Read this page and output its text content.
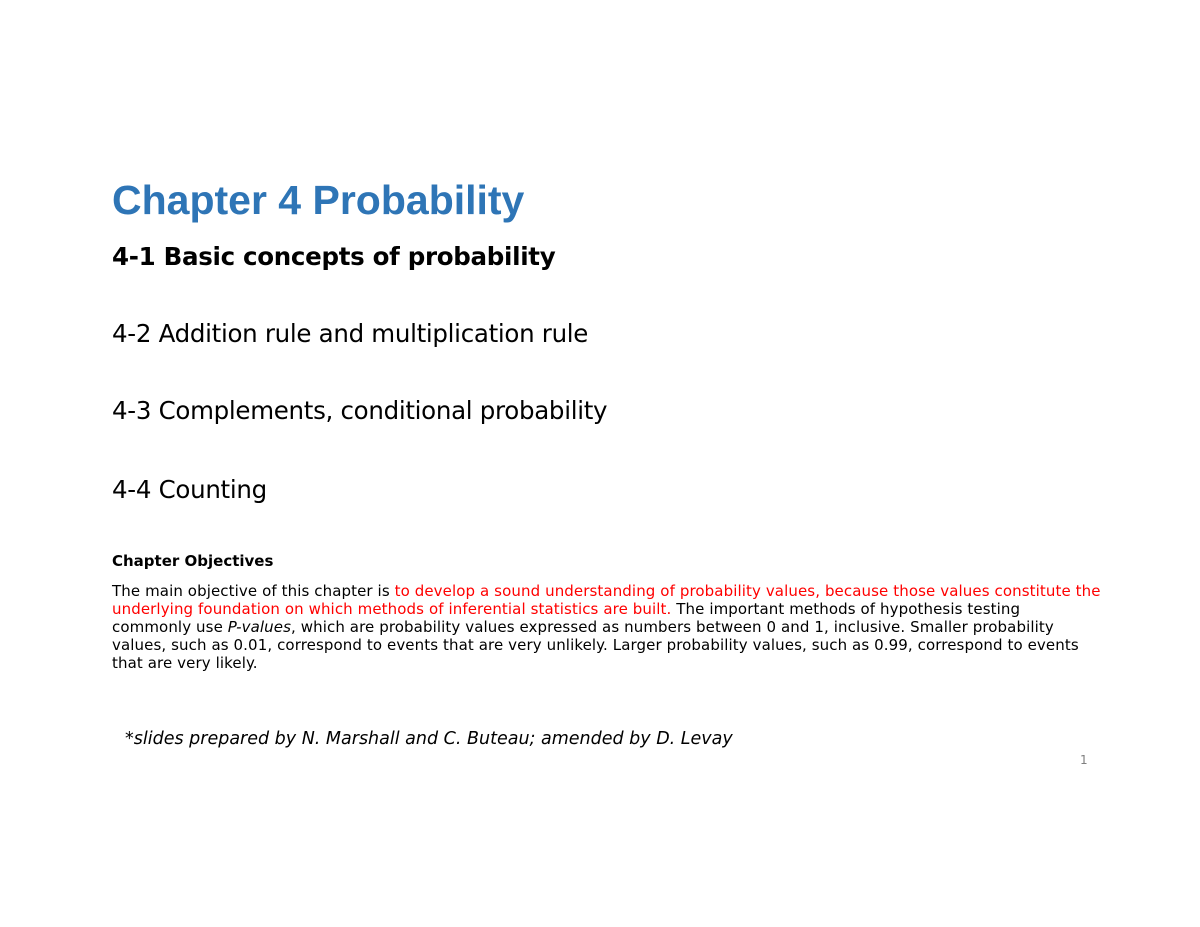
Chapter 4 Probability

4-1 Basic concepts of probability

4-2 Addition rule and multiplication rule

4-3 Complements, conditional probability

4-4 Counting

Chapter Objectives

The main objective of this chapter is to develop a sound understanding of probability values, because those values constitute the underlying foundation on which methods of inferential statistics are built. The important methods of hypothesis testing commonly use P-values, which are probability values expressed as numbers between 0 and 1, inclusive. Smaller probability values, such as 0.01, correspond to events that are very unlikely. Larger probability values, such as 0.99, correspond to events that are very likely.

*slides prepared by N. Marshall and C. Buteau; amended by D. Levay

1
